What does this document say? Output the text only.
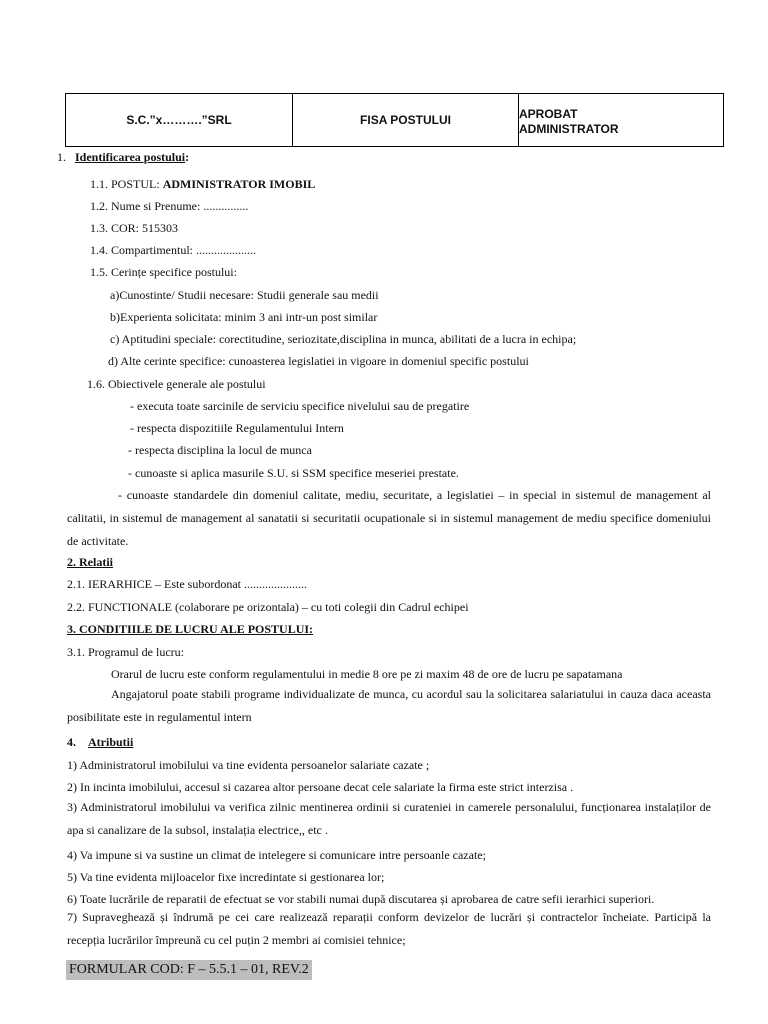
S.C.”x……….”SRL	FISA POSTULUI	APROBAT
ADMINISTRATOR
1. Identificarea postului:
1.1. POSTUL: ADMINISTRATOR IMOBIL
1.2. Nume si Prenume: ...............
1.3. COR: 515303
1.4. Compartimentul: ....................
1.5. Cerințe specifice postului:
a)Cunostinte/ Studii necesare: Studii generale sau medii
b)Experienta solicitata: minim 3 ani intr-un post similar
c) Aptitudini speciale: corectitudine, seriozitate,disciplina in munca, abilitati de a lucra in echipa;
d) Alte cerinte specifice: cunoasterea legislatiei in vigoare in domeniul specific postului
1.6. Obiectivele generale ale postului
- executa toate sarcinile de serviciu specifice nivelului sau de pregatire
- respecta dispozitiile Regulamentului Intern
- respecta disciplina la locul de munca
- cunoaste si aplica masurile S.U. si SSM specifice meseriei prestate.
- cunoaste standardele din domeniul calitate, mediu, securitate, a legislatiei – in special in sistemul de management al calitatii, in sistemul de management al sanatatii si securitatii ocupationale si in sistemul management de mediu specifice domeniului de activitate.
2. Relatii
2.1. IERARHICE – Este subordonat .....................
2.2. FUNCTIONALE (colaborare pe orizontala) – cu toti colegii din Cadrul echipei
3. CONDITIILE DE LUCRU ALE POSTULUI:
3.1. Programul de lucru:
Orarul de lucru este conform regulamentului in medie 8 ore pe zi maxim 48 de ore de lucru pe sapatamana
Angajatorul poate stabili programe individualizate de munca, cu acordul sau la solicitarea salariatului in cauza daca aceasta posibilitate este in regulamentul intern
4. Atributii
1) Administratorul imobilului va tine evidenta persoanelor salariate cazate ;
2) In incinta imobilului, accesul si cazarea altor persoane decat cele salariate la firma este strict interzisa .
3) Administratorul imobilului va verifica zilnic mentinerea ordinii si curateniei in camerele personalului, funcționarea instalaților de apa si canalizare de la subsol, instalația electrice,, etc .
4) Va impune si va sustine un climat de intelegere si comunicare intre persoanle cazate;
5) Va tine evidenta mijloacelor fixe incredintate si gestionarea lor;
6) Toate lucrările de reparatii de efectuat se vor stabili numai după discutarea și aprobarea de catre sefii ierarhici superiori.
7) Supraveghează și îndrumă pe cei care realizează reparații conform devizelor de lucrări și contractelor încheiate. Participă la recepția lucrărilor împreună cu cel puțin 2 membri ai comisiei tehnice;
FORMULAR COD: F – 5.5.1 – 01, REV.2
